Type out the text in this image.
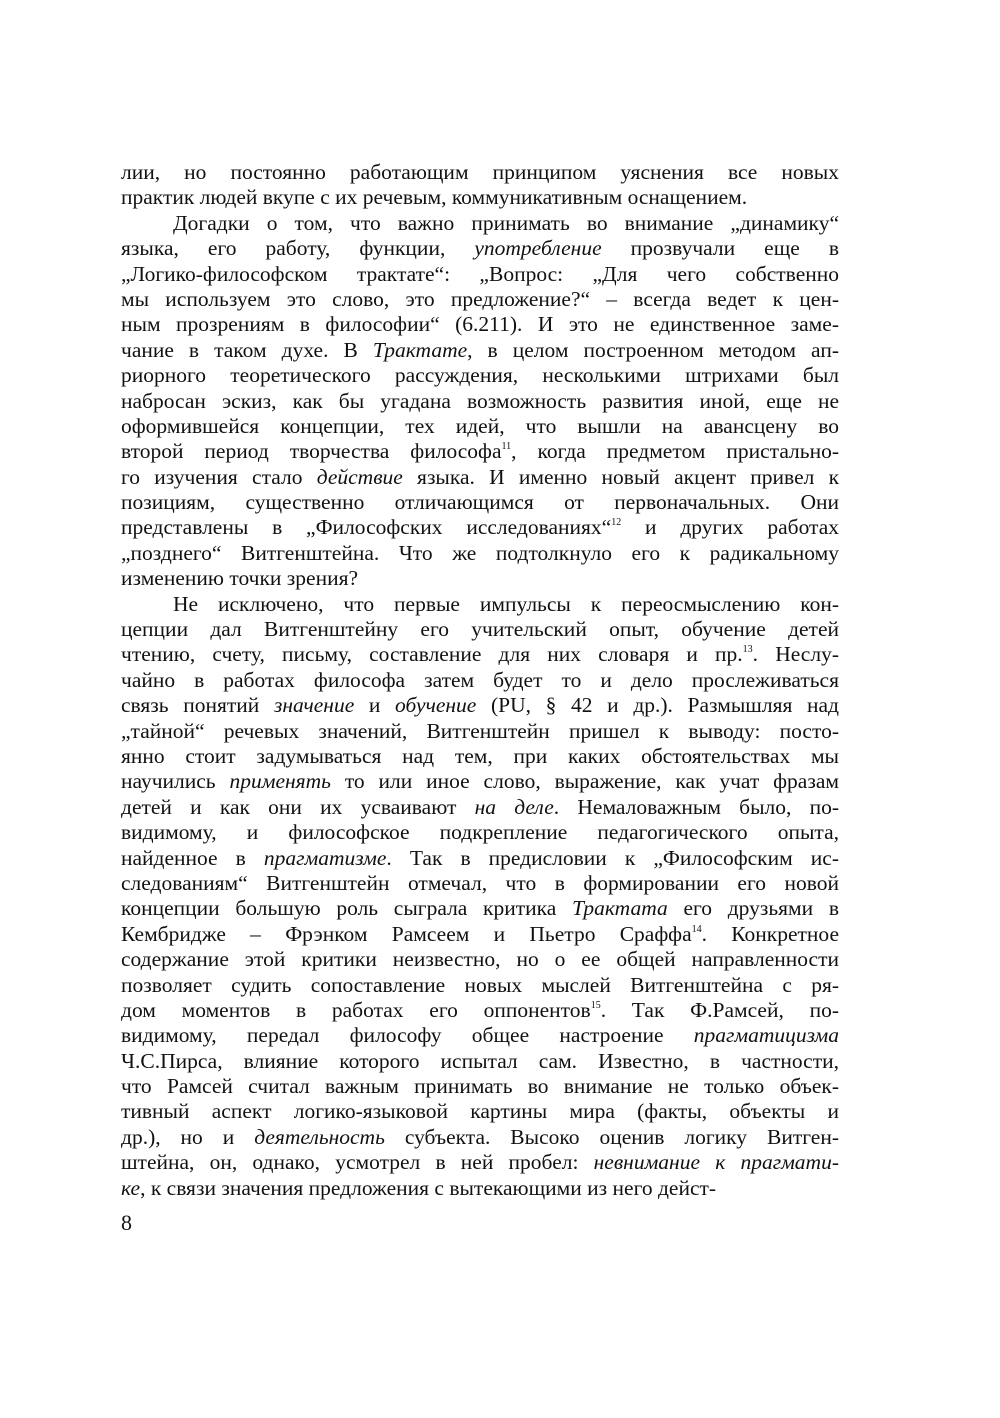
лии, но постоянно работающим принципом уяснения все новых
практик людей вкупе с их речевым, коммуникативным оснащением.
Догадки о том, что важно принимать во внимание „динамику“
языка, его работу, функции, употребление прозвучали еще в
„Логико-философском трактате“: „Вопрос: „Для чего собственно
мы используем это слово, это предложение?“ – всегда ведет к цен-
ным прозрениям в философии“ (6.211). И это не единственное заме-
чание в таком духе. В Трактате, в целом построенном методом ап-
риорного теоретического рассуждения, несколькими штрихами был
набросан эскиз, как бы угадана возможность развития иной, еще не
оформившейся концепции, тех идей, что вышли на авансцену во
второй период творчества философа$^{11}$, когда предметом пристально-
го изучения стало действие языка. И именно новый акцент привел к
позициям, существенно отличающимся от первоначальных. Они
представлены в „Философских исследованиях“$^{12}$ и других работах
„позднего“ Витгенштейна. Что же подтолкнуло его к радикальному
изменению точки зрения?
Не исключено, что первые импульсы к переосмыслению кон-
цепции дал Витгенштейну его учительский опыт, обучение детей
чтению, счету, письму, составление для них словаря и пр.$^{13}$. Неслу-
чайно в работах философа затем будет то и дело прослеживаться
связь понятий значение и обучение (PU, § 42 и др.). Размышляя над
„тайной“ речевых значений, Витгенштейн пришел к выводу: посто-
янно стоит задумываться над тем, при каких обстоятельствах мы
научились применять то или иное слово, выражение, как учат фразам
детей и как они их усваивают на деле. Немаловажным было, по-
видимому, и философское подкрепление педагогического опыта,
найденное в прагматизме. Так в предисловии к „Философским ис-
следованиям“ Витгенштейн отмечал, что в формировании его новой
концепции большую роль сыграла критика Трактата его друзьями в
Кембридже – Фрэнком Рамсеем и Пьетро Сраффа$^{14}$. Конкретное
содержание этой критики неизвестно, но о ее общей направленности
позволяет судить сопоставление новых мыслей Витгенштейна с ря-
дом моментов в работах его оппонентов$^{15}$. Так Ф.Рамсей, по-
видимому, передал философу общее настроение прагматицизма
Ч.С.Пирса, влияние которого испытал сам. Известно, в частности,
что Рамсей считал важным принимать во внимание не только объек-
тивный аспект логико-языковой картины мира (факты, объекты и
др.), но и деятельность субъекта. Высоко оценив логику Витген-
штейна, он, однако, усмотрел в ней пробел: невнимание к прагмати-
ке, к связи значения предложения с вытекающими из него дейст-
8
